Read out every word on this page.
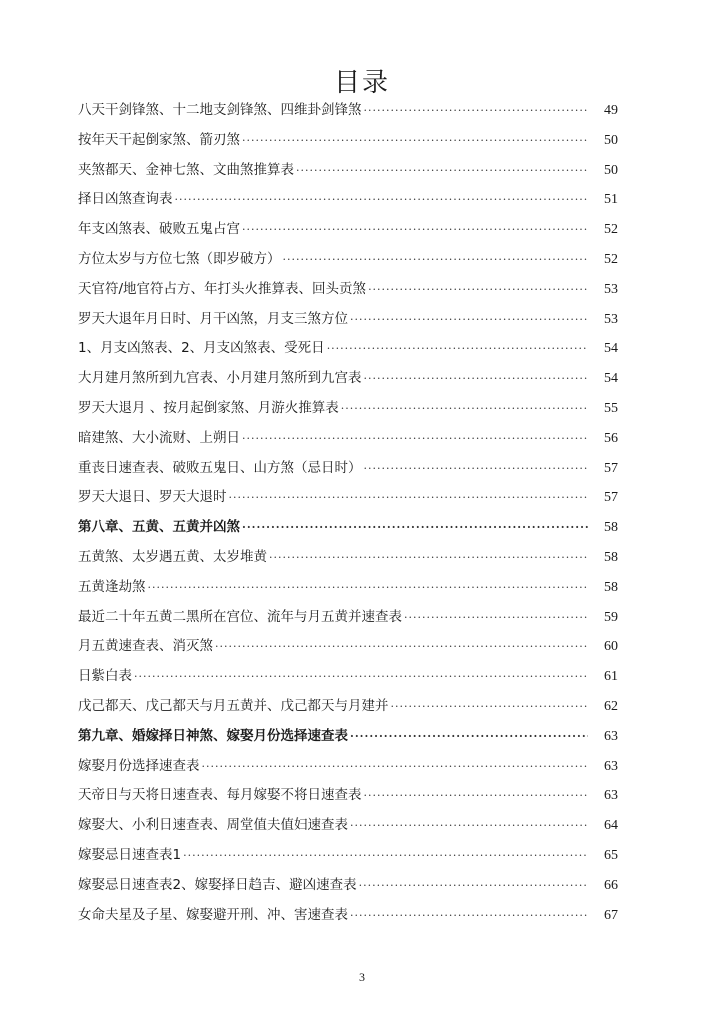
目录
八天干剑锋煞、十二地支剑锋煞、四维卦剑锋煞 ·····	49
按年天干起倒家煞、箭刃煞 ·····	50
夹煞都天、金神七煞、文曲煞推算表 ·····	50
择日凶煞查询表 ·····	51
年支凶煞表、破败五鬼占宫 ·····	52
方位太岁与方位七煞（即岁破方） ·····	52
天官符/地官符占方、年打头火推算表、回头贡煞 ·····	53
罗天大退年月日时、月干凶煞，月支三煞方位 ·····	53
1、月支凶煞表、2、月支凶煞表、受死日 ·····	54
大月建月煞所到九宫表、小月建月煞所到九宫表 ·····	54
罗天大退月 、按月起倒家煞、月游火推算表 ·····	55
暗建煞、大小流财、上朔日 ·····	56
重丧日速查表、破败五鬼日、山方煞（忌日时） ·····	57
罗天大退日、罗天大退时 ·····	57
第八章、五黄、五黄并凶煞 ·····	58
五黄煞、太岁遇五黄、太岁堆黄 ·····	58
五黄逢劫煞 ·····	58
最近二十年五黄二黑所在宫位、流年与月五黄并速查表 ·····	59
月五黄速查表、消灭煞 ·····	60
日紫白表 ·····	61
戊己都天、戊己都天与月五黄并、戊己都天与月建并 ·····	62
第九章、婚嫁择日神煞、嫁娶月份选择速查表 ·····	63
嫁娶月份选择速查表 ·····	63
天帝日与天将日速查表、每月嫁娶不将日速查表 ·····	63
嫁娶大、小利日速查表、周堂值夫值妇速查表 ·····	64
嫁娶忌日速查表1 ·····	65
嫁娶忌日速查表2、嫁娶择日趋吉、避凶速查表 ·····	66
女命夫星及子星、嫁娶避开刑、冲、害速查表 ·····	67
3
